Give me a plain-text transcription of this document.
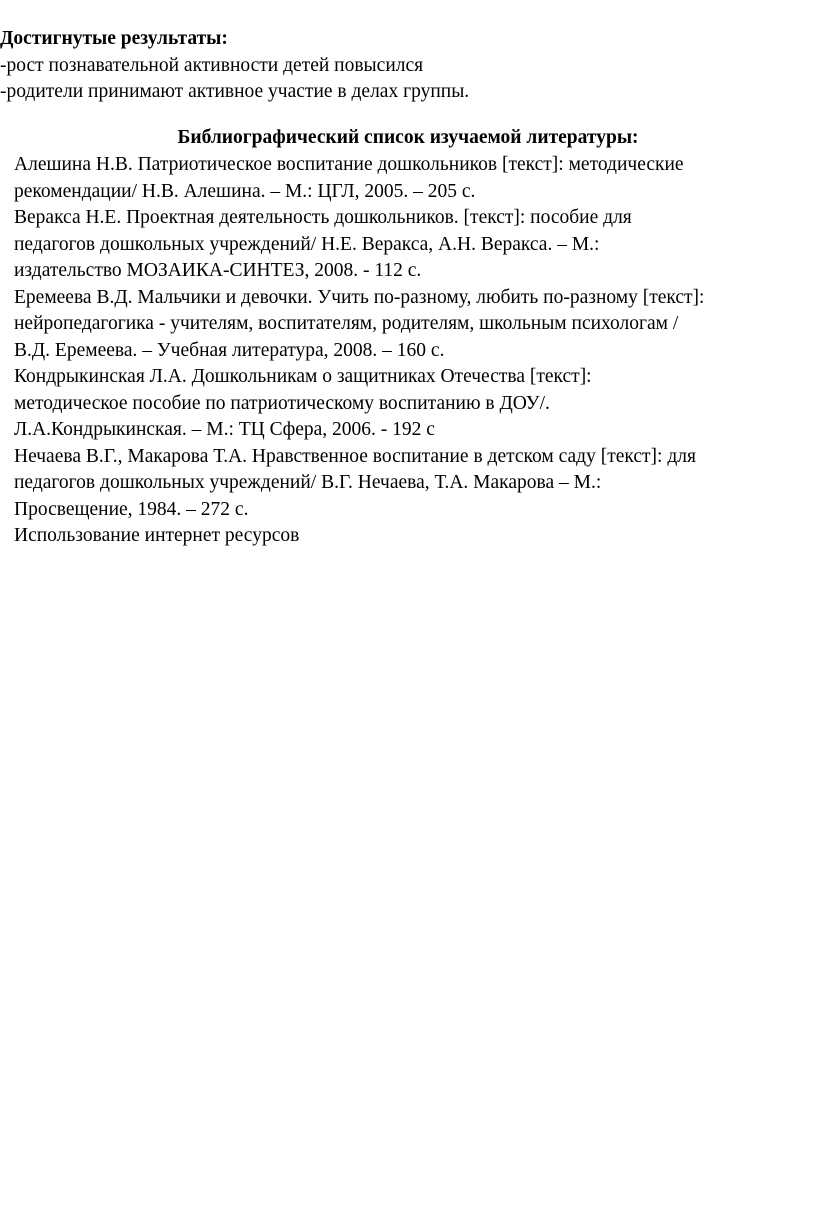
Достигнутые результаты:
-рост познавательной активности детей повысился
-родители принимают активное участие в делах группы.
Библиографический список изучаемой литературы:
Алешина Н.В. Патриотическое воспитание дошкольников [текст]: методические
рекомендации/ Н.В. Алешина. – М.: ЦГЛ, 2005. – 205 с.
Веракса Н.Е. Проектная деятельность дошкольников. [текст]: пособие для
педагогов дошкольных учреждений/ Н.Е. Веракса, А.Н. Веракса. – М.:
издательство МОЗАИКА-СИНТЕЗ, 2008. - 112 с.
Еремеева В.Д. Мальчики и девочки. Учить по-разному, любить по-разному [текст]:
нейропедагогика - учителям, воспитателям, родителям, школьным психологам /
В.Д. Еремеева. – Учебная литература, 2008. – 160 с.
Кондрыкинская Л.А. Дошкольникам о защитниках Отечества [текст]:
методическое пособие по патриотическому воспитанию в ДОУ/.
Л.А.Кондрыкинская. – М.: ТЦ Сфера, 2006. - 192 с
Нечаева В.Г., Макарова Т.А. Нравственное воспитание в детском саду [текст]: для
педагогов дошкольных учреждений/ В.Г. Нечаева, Т.А. Макарова – М.:
Просвещение, 1984. – 272 с.
Использование интернет ресурсов
